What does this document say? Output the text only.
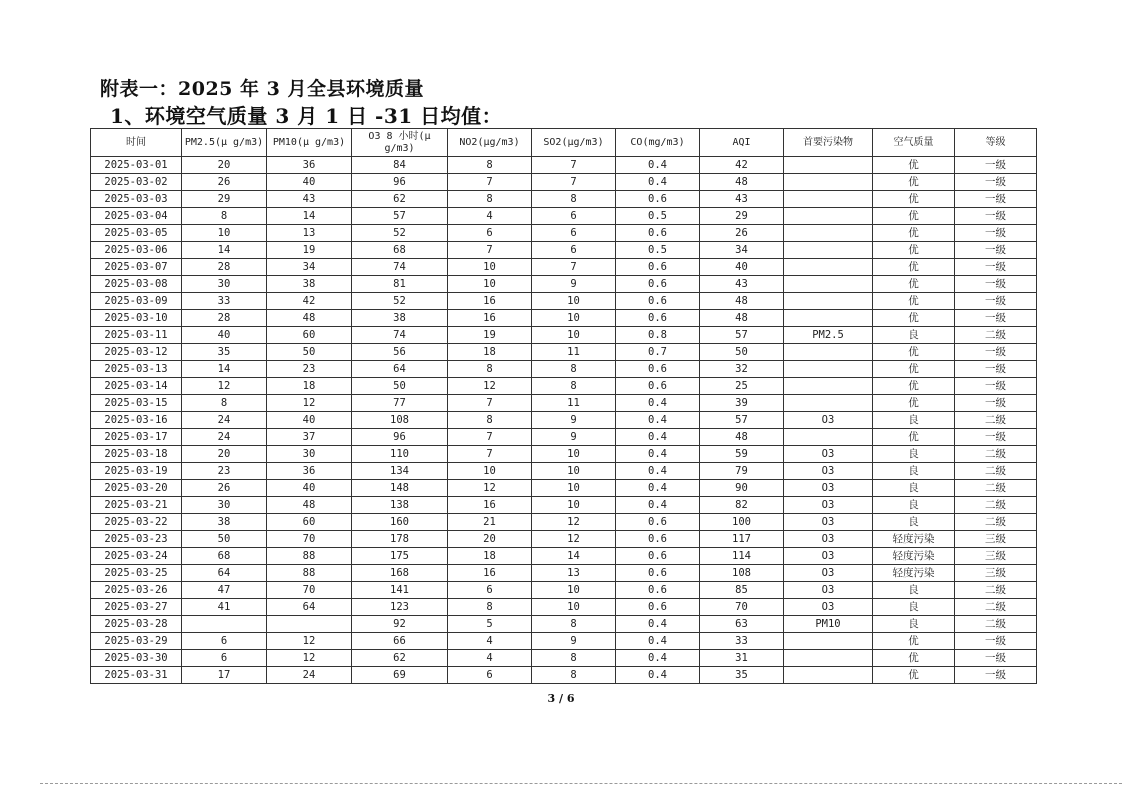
附表一：2025 年 3 月全县环境质量
1、环境空气质量 3 月 1 日 -31 日均值：
时间	PM2.5(μ g/m3)	PM10(μ g/m3)	O3 8 小时(μ g/m3)	NO2(μg/m3)	SO2(μg/m3)	CO(mg/m3)	AQI	首要污染物	空气质量	等级
2025-03-01	20	36	84	8	7	0.4	42		优	一级
2025-03-02	26	40	96	7	7	0.4	48		优	一级
2025-03-03	29	43	62	8	8	0.6	43		优	一级
2025-03-04	8	14	57	4	6	0.5	29		优	一级
2025-03-05	10	13	52	6	6	0.6	26		优	一级
2025-03-06	14	19	68	7	6	0.5	34		优	一级
2025-03-07	28	34	74	10	7	0.6	40		优	一级
2025-03-08	30	38	81	10	9	0.6	43		优	一级
2025-03-09	33	42	52	16	10	0.6	48		优	一级
2025-03-10	28	48	38	16	10	0.6	48		优	一级
2025-03-11	40	60	74	19	10	0.8	57	PM2.5	良	二级
2025-03-12	35	50	56	18	11	0.7	50		优	一级
2025-03-13	14	23	64	8	8	0.6	32		优	一级
2025-03-14	12	18	50	12	8	0.6	25		优	一级
2025-03-15	8	12	77	7	11	0.4	39		优	一级
2025-03-16	24	40	108	8	9	0.4	57	O3	良	二级
2025-03-17	24	37	96	7	9	0.4	48		优	一级
2025-03-18	20	30	110	7	10	0.4	59	O3	良	二级
2025-03-19	23	36	134	10	10	0.4	79	O3	良	二级
2025-03-20	26	40	148	12	10	0.4	90	O3	良	二级
2025-03-21	30	48	138	16	10	0.4	82	O3	良	二级
2025-03-22	38	60	160	21	12	0.6	100	O3	良	二级
2025-03-23	50	70	178	20	12	0.6	117	O3	轻度污染	三级
2025-03-24	68	88	175	18	14	0.6	114	O3	轻度污染	三级
2025-03-25	64	88	168	16	13	0.6	108	O3	轻度污染	三级
2025-03-26	47	70	141	6	10	0.6	85	O3	良	二级
2025-03-27	41	64	123	8	10	0.6	70	O3	良	二级
2025-03-28			92	5	8	0.4	63	PM10	良	二级
2025-03-29	6	12	66	4	9	0.4	33		优	一级
2025-03-30	6	12	62	4	8	0.4	31		优	一级
2025-03-31	17	24	69	6	8	0.4	35		优	一级
3 / 6
